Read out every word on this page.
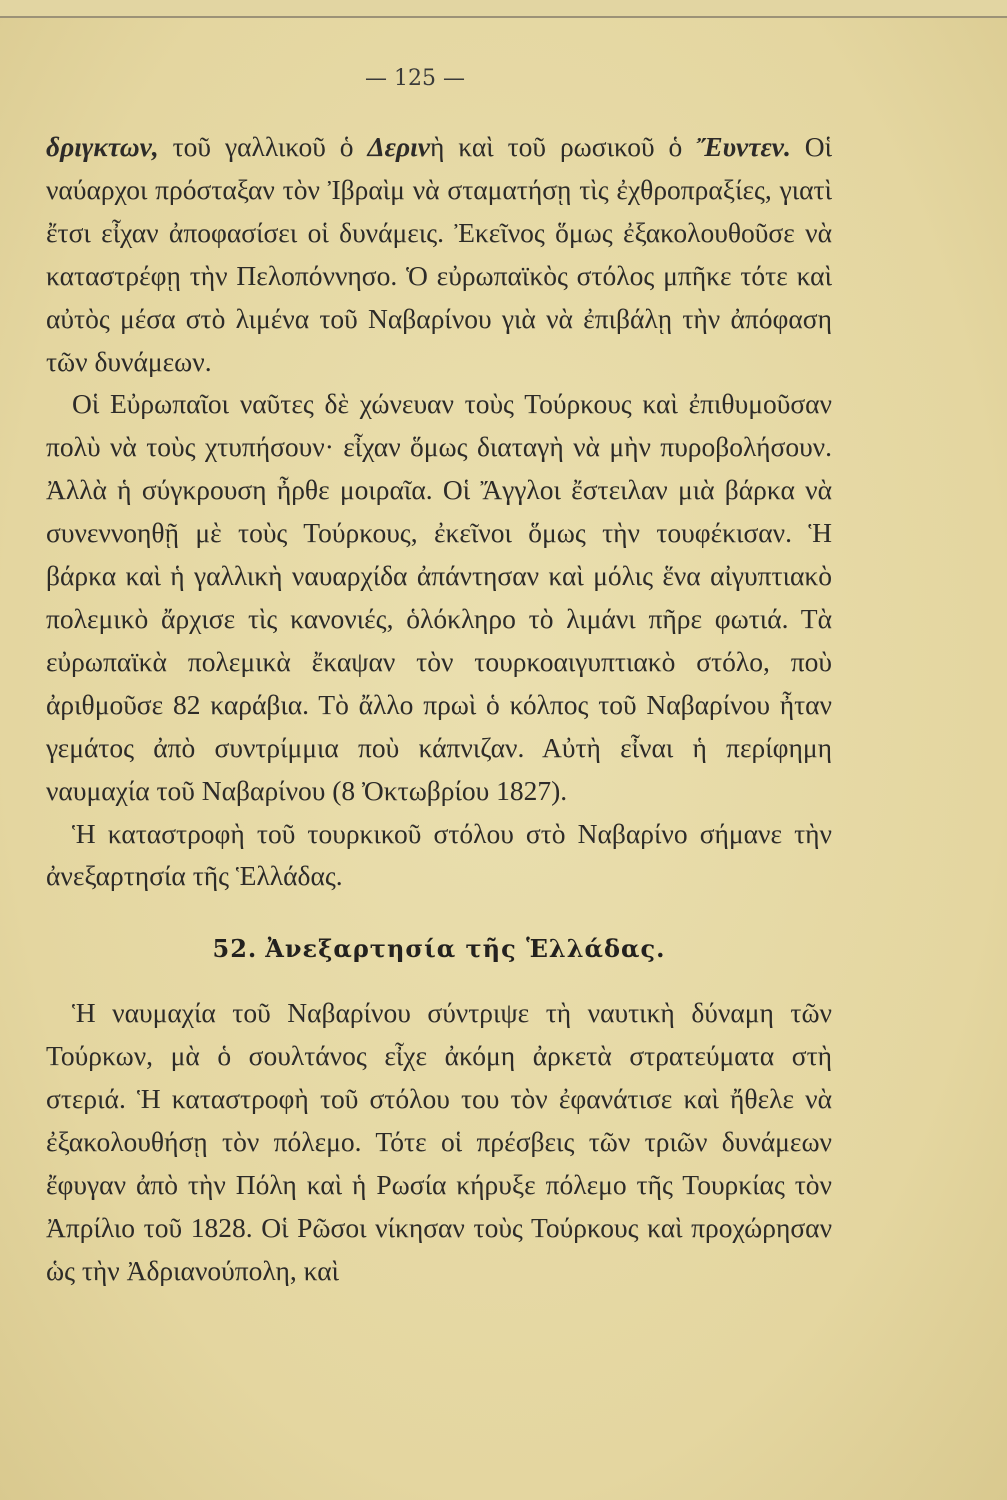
— 125 —

δριγκτων, τοῦ γαλλικοῦ ὁ Δερινὴ καὶ τοῦ ρωσικοῦ ὁ Ἔυντεν. Οἱ ναύαρχοι πρόσταξαν τὸν Ἰβραὶμ νὰ σταματήσῃ τὶς ἐχθροπραξίες, γιατὶ ἔτσι εἶχαν ἀποφασίσει οἱ δυνάμεις. Ἐκεῖνος ὅμως ἐξακολουθοῦσε νὰ καταστρέφῃ τὴν Πελοπόννησο. Ὁ εὐρωπαϊκὸς στόλος μπῆκε τότε καὶ αὐτὸς μέσα στὸ λιμένα τοῦ Ναβαρίνου γιὰ νὰ ἐπιβάλῃ τὴν ἀπόφαση τῶν δυνάμεων.

Οἱ Εὐρωπαῖοι ναῦτες δὲ χώνευαν τοὺς Τούρκους καὶ ἐπιθυμοῦσαν πολὺ νὰ τοὺς χτυπήσουν· εἶχαν ὅμως διαταγὴ νὰ μὴν πυροβολήσουν. Ἀλλὰ ἡ σύγκρουση ἦρθε μοιραῖα. Οἱ Ἄγγλοι ἔστειλαν μιὰ βάρκα νὰ συνεννοηθῇ μὲ τοὺς Τούρκους, ἐκεῖνοι ὅμως τὴν τουφέκισαν. Ἡ βάρκα καὶ ἡ γαλλικὴ ναυαρχίδα ἀπάντησαν καὶ μόλις ἕνα αἰγυπτιακὸ πολεμικὸ ἄρχισε τὶς κανονιές, ὁλόκληρο τὸ λιμάνι πῆρε φωτιά. Τὰ εὐρωπαϊκὰ πολεμικὰ ἔκαψαν τὸν τουρκοαιγυπτιακὸ στόλο, ποὺ ἀριθμοῦσε 82 καράβια. Τὸ ἄλλο πρωὶ ὁ κόλπος τοῦ Ναβαρίνου ἦταν γεμάτος ἀπὸ συντρίμμια ποὺ κάπνιζαν. Αὐτὴ εἶναι ἡ περίφημη ναυμαχία τοῦ Ναβαρίνου (8 Ὀκτωβρίου 1827).

Ἡ καταστροφὴ τοῦ τουρκικοῦ στόλου στὸ Ναβαρίνο σήμανε τὴν ἀνεξαρτησία τῆς Ἑλλάδας.

52. Ἀνεξαρτησία τῆς Ἑλλάδας.

Ἡ ναυμαχία τοῦ Ναβαρίνου σύντριψε τὴ ναυτικὴ δύναμη τῶν Τούρκων, μὰ ὁ σουλτάνος εἶχε ἀκόμη ἀρκετὰ στρατεύματα στὴ στεριά. Ἡ καταστροφὴ τοῦ στόλου του τὸν ἐφανάτισε καὶ ἤθελε νὰ ἐξακολουθήσῃ τὸν πόλεμο. Τότε οἱ πρέσβεις τῶν τριῶν δυνάμεων ἔφυγαν ἀπὸ τὴν Πόλη καὶ ἡ Ρωσία κήρυξε πόλεμο τῆς Τουρκίας τὸν Ἀπρίλιο τοῦ 1828. Οἱ Ρῶσοι νίκησαν τοὺς Τούρκους καὶ προχώρησαν ὡς τὴν Ἀδριανούπολη, καὶ
